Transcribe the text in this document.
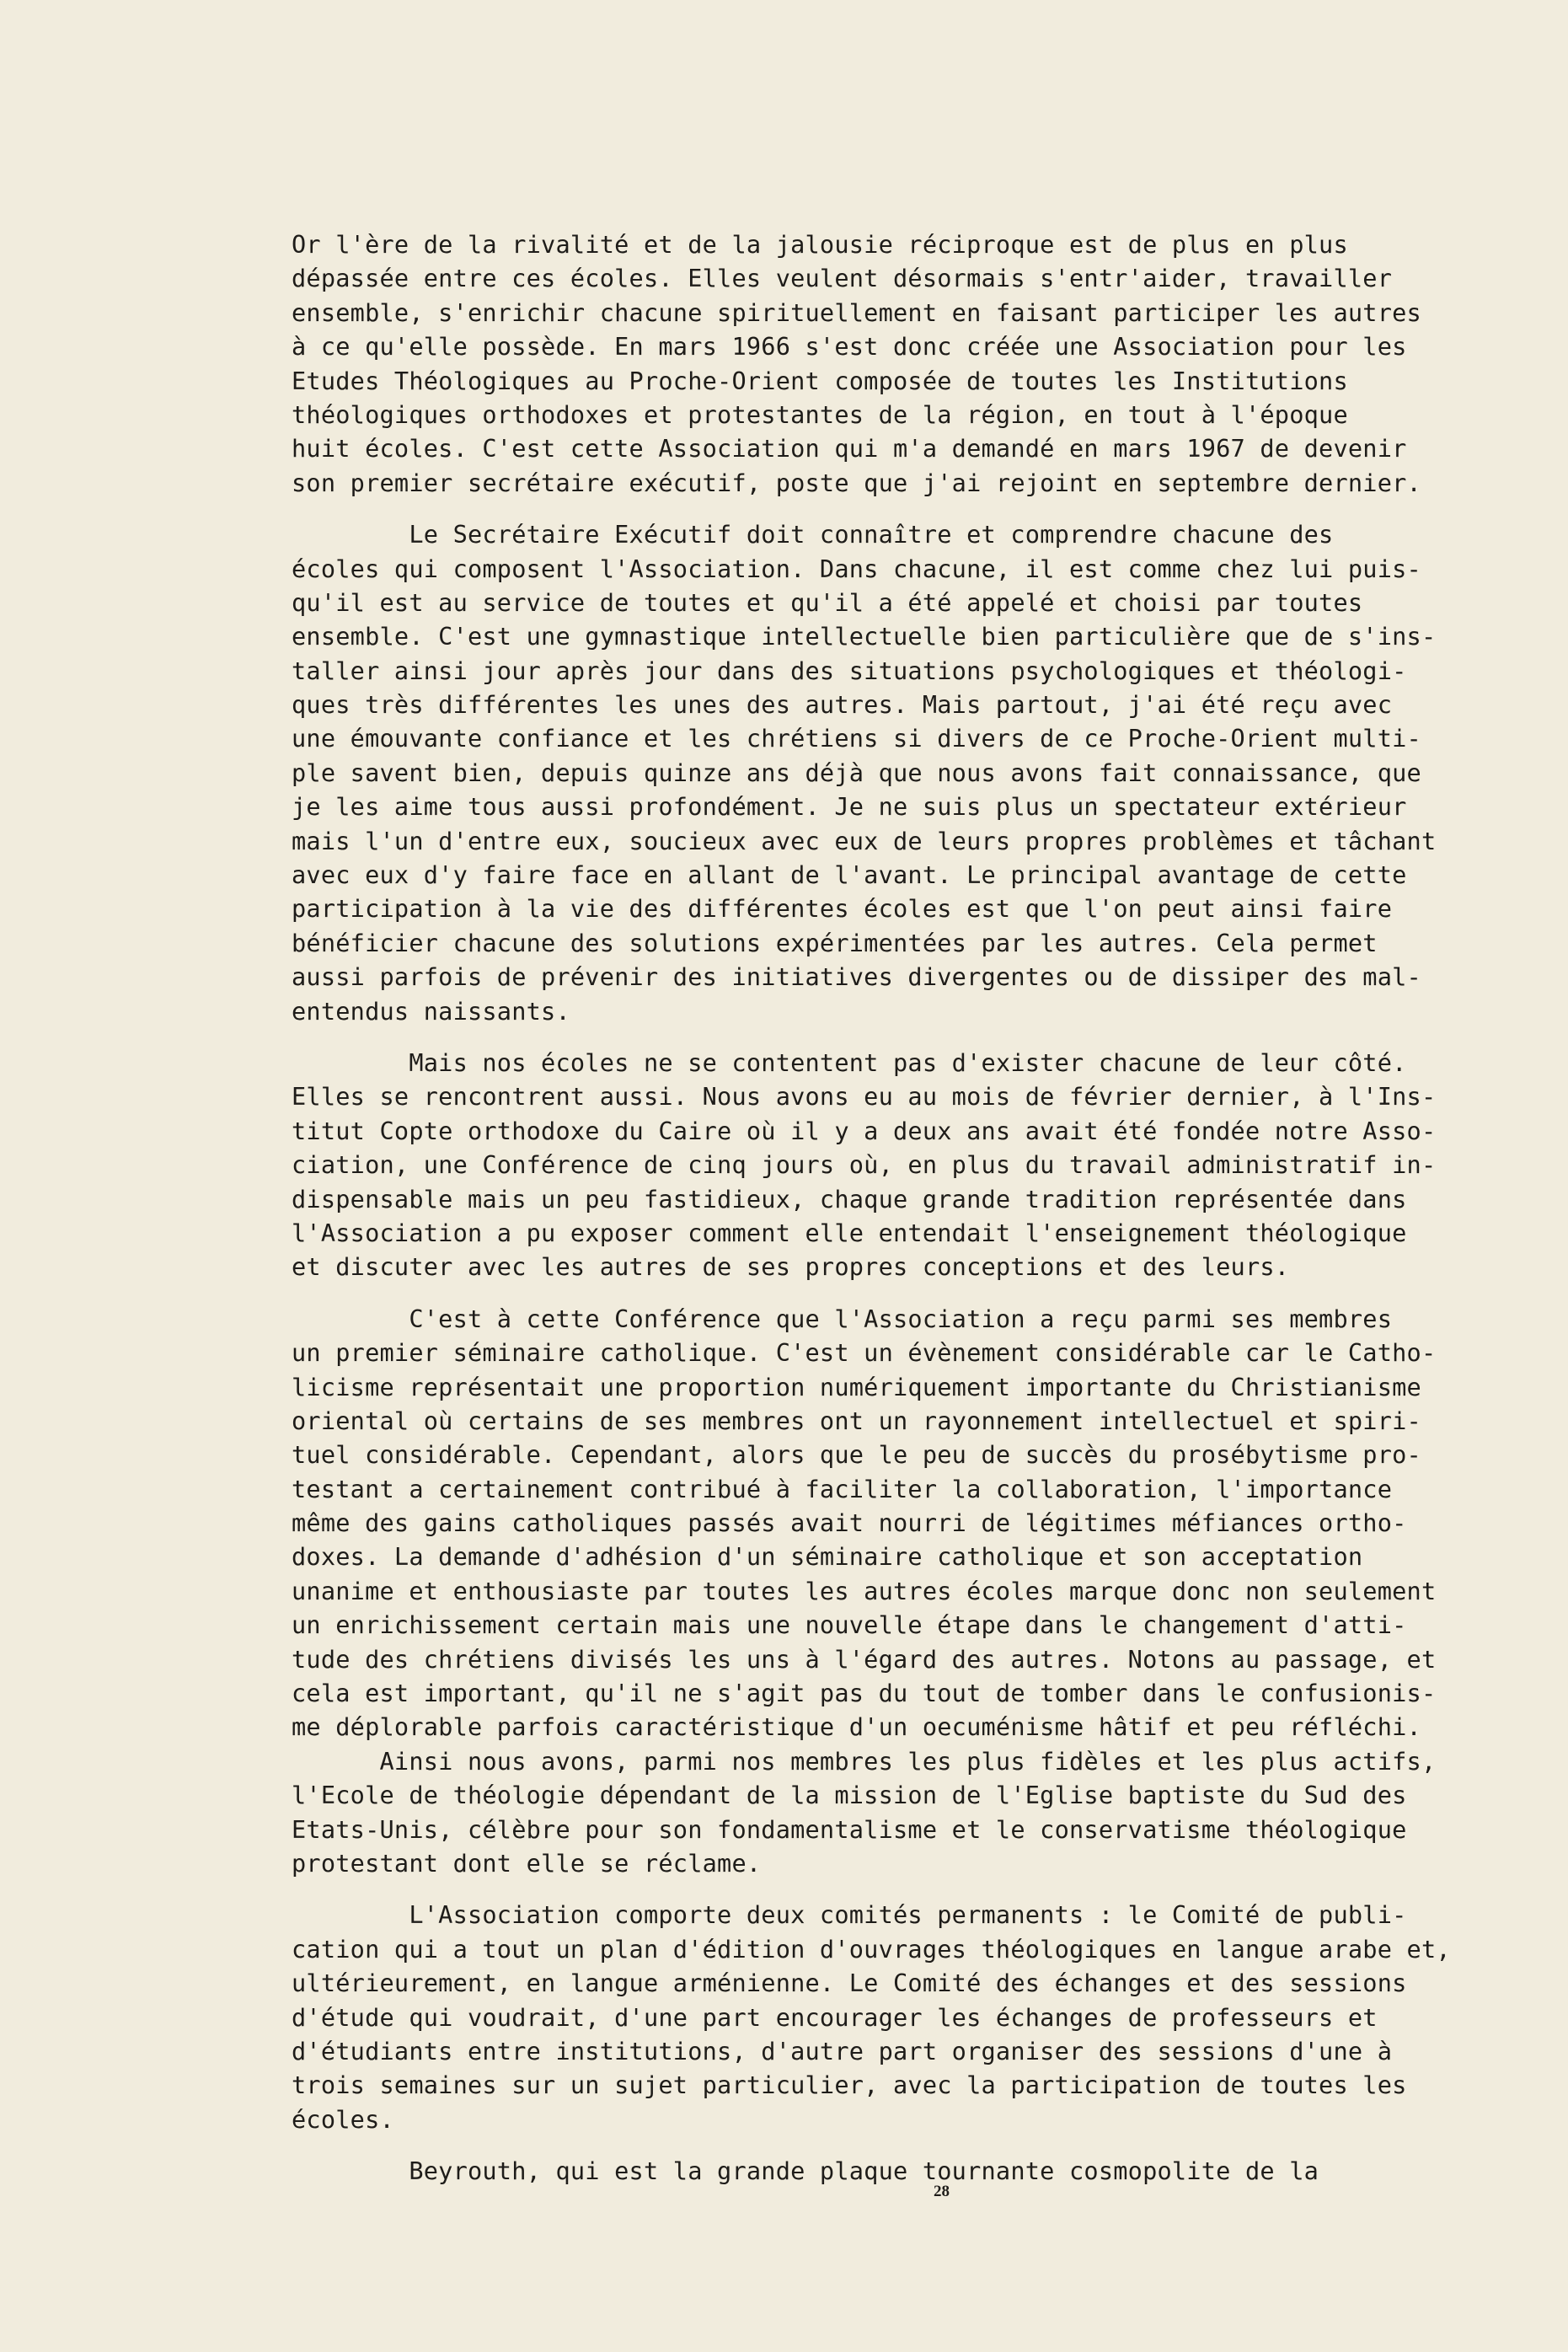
Or l'ère de la rivalité et de la jalousie réciproque est de plus en plus
dépassée entre ces écoles. Elles veulent désormais s'entr'aider, travailler
ensemble, s'enrichir chacune spirituellement en faisant participer les autres
à ce qu'elle possède. En mars 1966 s'est donc créée une Association pour les
Etudes Théologiques au Proche-Orient composée de toutes les Institutions
théologiques orthodoxes et protestantes de la région, en tout à l'époque
huit écoles. C'est cette Association qui m'a demandé en mars 1967 de devenir
son premier secrétaire exécutif, poste que j'ai rejoint en septembre dernier.
Le Secrétaire Exécutif doit connaître et comprendre chacune des
écoles qui composent l'Association. Dans chacune, il est comme chez lui puis-
qu'il est au service de toutes et qu'il a été appelé et choisi par toutes
ensemble. C'est une gymnastique intellectuelle bien particulière que de s'ins-
taller ainsi jour après jour dans des situations psychologiques et théologi-
ques très différentes les unes des autres. Mais partout, j'ai été reçu avec
une émouvante confiance et les chrétiens si divers de ce Proche-Orient multi-
ple savent bien, depuis quinze ans déjà que nous avons fait connaissance, que
je les aime tous aussi profondément. Je ne suis plus un spectateur extérieur
mais l'un d'entre eux, soucieux avec eux de leurs propres problèmes et tâchant
avec eux d'y faire face en allant de l'avant. Le principal avantage de cette
participation à la vie des différentes écoles est que l'on peut ainsi faire
bénéficier chacune des solutions expérimentées par les autres. Cela permet
aussi parfois de prévenir des initiatives divergentes ou de dissiper des mal-
entendus naissants.
Mais nos écoles ne se contentent pas d'exister chacune de leur côté.
Elles se rencontrent aussi. Nous avons eu au mois de février dernier, à l'Ins-
titut Copte orthodoxe du Caire où il y a deux ans avait été fondée notre Asso-
ciation, une Conférence de cinq jours où, en plus du travail administratif in-
dispensable mais un peu fastidieux, chaque grande tradition représentée dans
l'Association a pu exposer comment elle entendait l'enseignement théologique
et discuter avec les autres de ses propres conceptions et des leurs.
C'est à cette Conférence que l'Association a reçu parmi ses membres
un premier séminaire catholique. C'est un évènement considérable car le Catho-
licisme représentait une proportion numériquement importante du Christianisme
oriental où certains de ses membres ont un rayonnement intellectuel et spiri-
tuel considérable. Cependant, alors que le peu de succès du prosébytisme pro-
testant a certainement contribué à faciliter la collaboration, l'importance
même des gains catholiques passés avait nourri de légitimes méfiances ortho-
doxes. La demande d'adhésion d'un séminaire catholique et son acceptation
unanime et enthousiaste par toutes les autres écoles marque donc non seulement
un enrichissement certain mais une nouvelle étape dans le changement d'atti-
tude des chrétiens divisés les uns à l'égard des autres. Notons au passage, et
cela est important, qu'il ne s'agit pas du tout de tomber dans le confusionis-
me déplorable parfois caractéristique d'un oecuménisme hâtif et peu réfléchi.
Ainsi nous avons, parmi nos membres les plus fidèles et les plus actifs,
l'Ecole de théologie dépendant de la mission de l'Eglise baptiste du Sud des
Etats-Unis, célèbre pour son fondamentalisme et le conservatisme théologique
protestant dont elle se réclame.
L'Association comporte deux comités permanents : le Comité de publi-
cation qui a tout un plan d'édition d'ouvrages théologiques en langue arabe et,
ultérieurement, en langue arménienne. Le Comité des échanges et des sessions
d'étude qui voudrait, d'une part encourager les échanges de professeurs et
d'étudiants entre institutions, d'autre part organiser des sessions d'une à
trois semaines sur un sujet particulier, avec la participation de toutes les
écoles.
Beyrouth, qui est la grande plaque tournante cosmopolite de la
28
